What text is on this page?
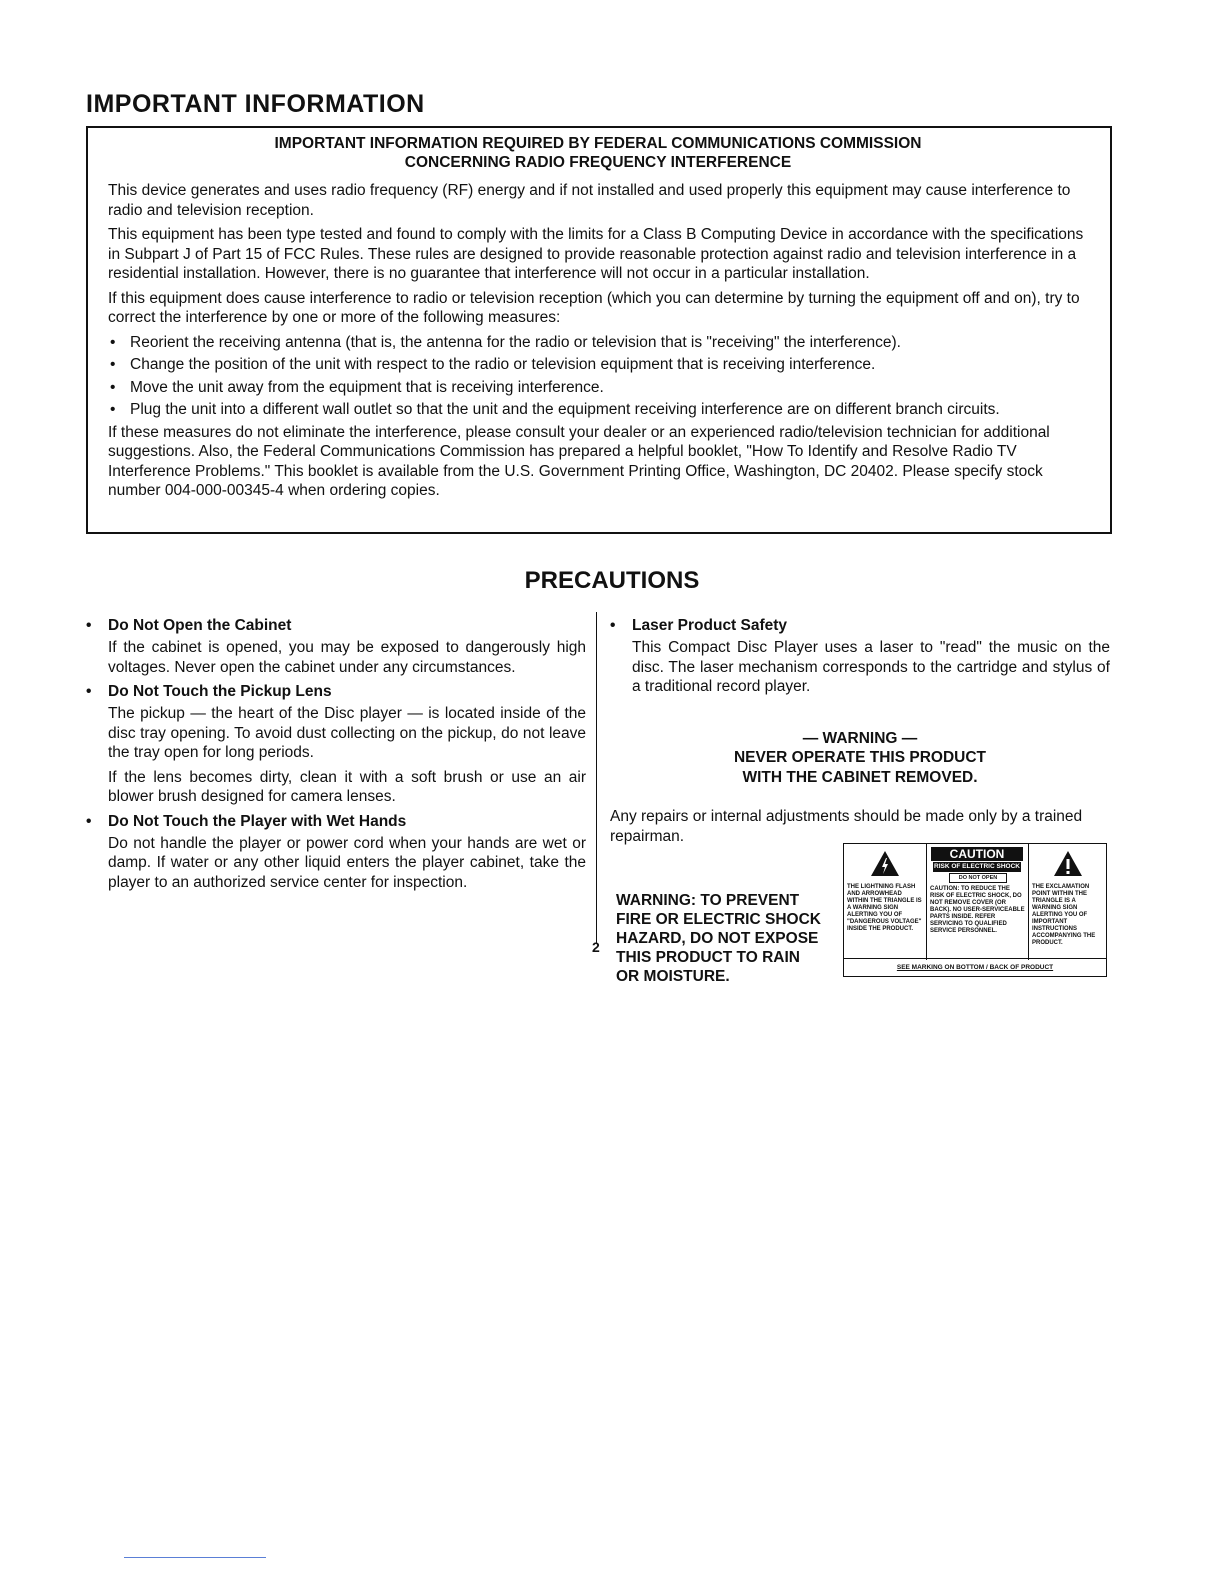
IMPORTANT INFORMATION
IMPORTANT INFORMATION REQUIRED BY FEDERAL COMMUNICATIONS COMMISSION
CONCERNING RADIO FREQUENCY INTERFERENCE

This device generates and uses radio frequency (RF) energy and if not installed and used properly this equipment may cause interference to radio and television reception.

This equipment has been type tested and found to comply with the limits for a Class B Computing Device in accordance with the specifications in Subpart J of Part 15 of FCC Rules. These rules are designed to provide reasonable protection against radio and television interference in a residential installation. However, there is no guarantee that interference will not occur in a particular installation.

If this equipment does cause interference to radio or television reception (which you can determine by turning the equipment off and on), try to correct the interference by one or more of the following measures:

• Reorient the receiving antenna (that is, the antenna for the radio or television that is "receiving" the interference).
• Change the position of the unit with respect to the radio or television equipment that is receiving interference.
• Move the unit away from the equipment that is receiving interference.
• Plug the unit into a different wall outlet so that the unit and the equipment receiving interference are on different branch circuits.

If these measures do not eliminate the interference, please consult your dealer or an experienced radio/television technician for additional suggestions. Also, the Federal Communications Commission has prepared a helpful booklet, "How To Identify and Resolve Radio TV Interference Problems." This booklet is available from the U.S. Government Printing Office, Washington, DC 20402. Please specify stock number 004-000-00345-4 when ordering copies.

PRECAUTIONS
• Do Not Open the Cabinet

If the cabinet is opened, you may be exposed to dangerously high voltages. Never open the cabinet under any circumstances.

• Do Not Touch the Pickup Lens

The pickup — the heart of the Disc player — is located inside of the disc tray opening. To avoid dust collecting on the pickup, do not leave the tray open for long periods.

If the lens becomes dirty, clean it with a soft brush or use an air blower brush designed for camera lenses.

• Do Not Touch the Player with Wet Hands

Do not handle the player or power cord when your hands are wet or damp. If water or any other liquid enters the player cabinet, take the player to an authorized service center for inspection.

• Laser Product Safety

This Compact Disc Player uses a laser to "read" the music on the disc. The laser mechanism corresponds to the cartridge and stylus of a traditional record player.

— WARNING —
NEVER OPERATE THIS PRODUCT
WITH THE CABINET REMOVED.

Any repairs or internal adjustments should be made only by a trained repairman.

WARNING: TO PREVENT
FIRE OR ELECTRIC SHOCK
HAZARD, DO NOT EXPOSE
THIS PRODUCT TO RAIN
OR MOISTURE.
2
THE LIGHTNING FLASH AND ARROWHEAD WITHIN THE TRIANGLE IS A WARNING SIGN ALERTING YOU OF "DANGEROUS VOLTAGE" INSIDE THE PRODUCT.
CAUTION
RISK OF ELECTRIC SHOCK
DO NOT OPEN
CAUTION: TO REDUCE THE RISK OF ELECTRIC SHOCK, DO NOT REMOVE COVER (OR BACK). NO USER-SERVICEABLE PARTS INSIDE. REFER SERVICING TO QUALIFIED SERVICE PERSONNEL.
THE EXCLAMATION POINT WITHIN THE TRIANGLE IS A WARNING SIGN ALERTING YOU OF IMPORTANT INSTRUCTIONS ACCOMPANYING THE PRODUCT.
SEE MARKING ON BOTTOM / BACK OF PRODUCT
